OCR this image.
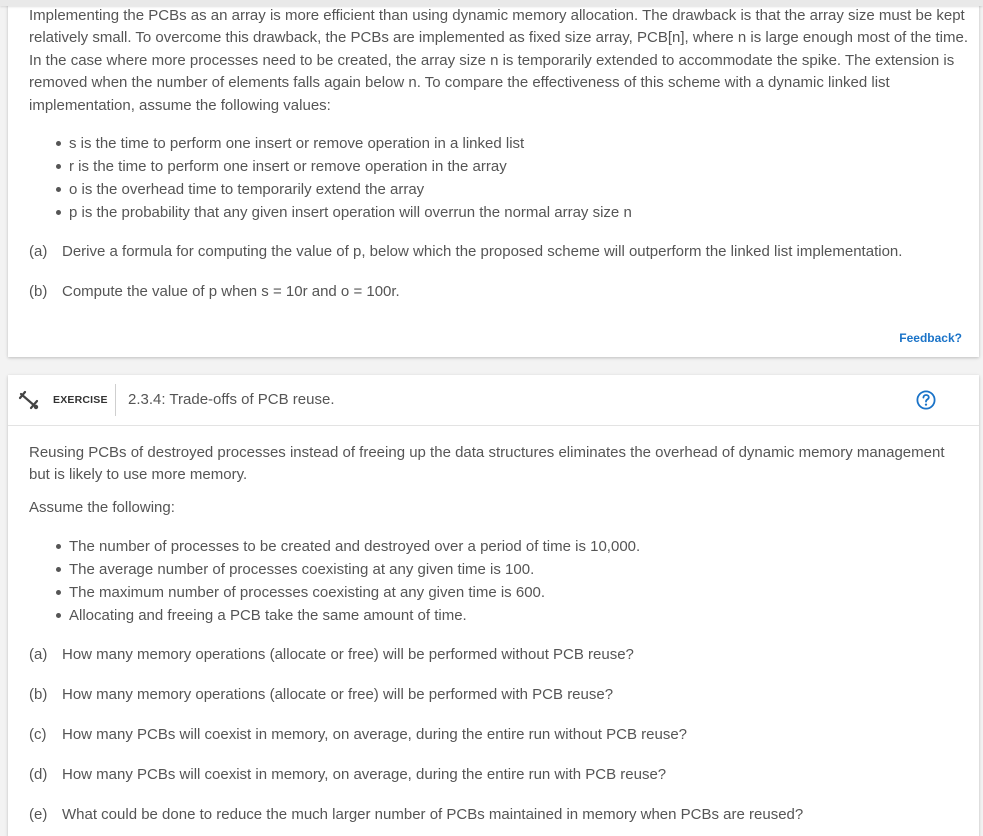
Implementing the PCBs as an array is more efficient than using dynamic memory allocation. The drawback is that the array size must be kept relatively small. To overcome this drawback, the PCBs are implemented as fixed size array, PCB[n], where n is large enough most of the time. In the case where more processes need to be created, the array size n is temporarily extended to accommodate the spike. The extension is removed when the number of elements falls again below n. To compare the effectiveness of this scheme with a dynamic linked list implementation, assume the following values:
s is the time to perform one insert or remove operation in a linked list
r is the time to perform one insert or remove operation in the array
o is the overhead time to temporarily extend the array
p is the probability that any given insert operation will overrun the normal array size n
(a) Derive a formula for computing the value of p, below which the proposed scheme will outperform the linked list implementation.
(b) Compute the value of p when s = 10r and o = 100r.
Feedback?
EXERCISE 2.3.4: Trade-offs of PCB reuse.
Reusing PCBs of destroyed processes instead of freeing up the data structures eliminates the overhead of dynamic memory management but is likely to use more memory.
Assume the following:
The number of processes to be created and destroyed over a period of time is 10,000.
The average number of processes coexisting at any given time is 100.
The maximum number of processes coexisting at any given time is 600.
Allocating and freeing a PCB take the same amount of time.
(a) How many memory operations (allocate or free) will be performed without PCB reuse?
(b) How many memory operations (allocate or free) will be performed with PCB reuse?
(c) How many PCBs will coexist in memory, on average, during the entire run without PCB reuse?
(d) How many PCBs will coexist in memory, on average, during the entire run with PCB reuse?
(e) What could be done to reduce the much larger number of PCBs maintained in memory when PCBs are reused?
